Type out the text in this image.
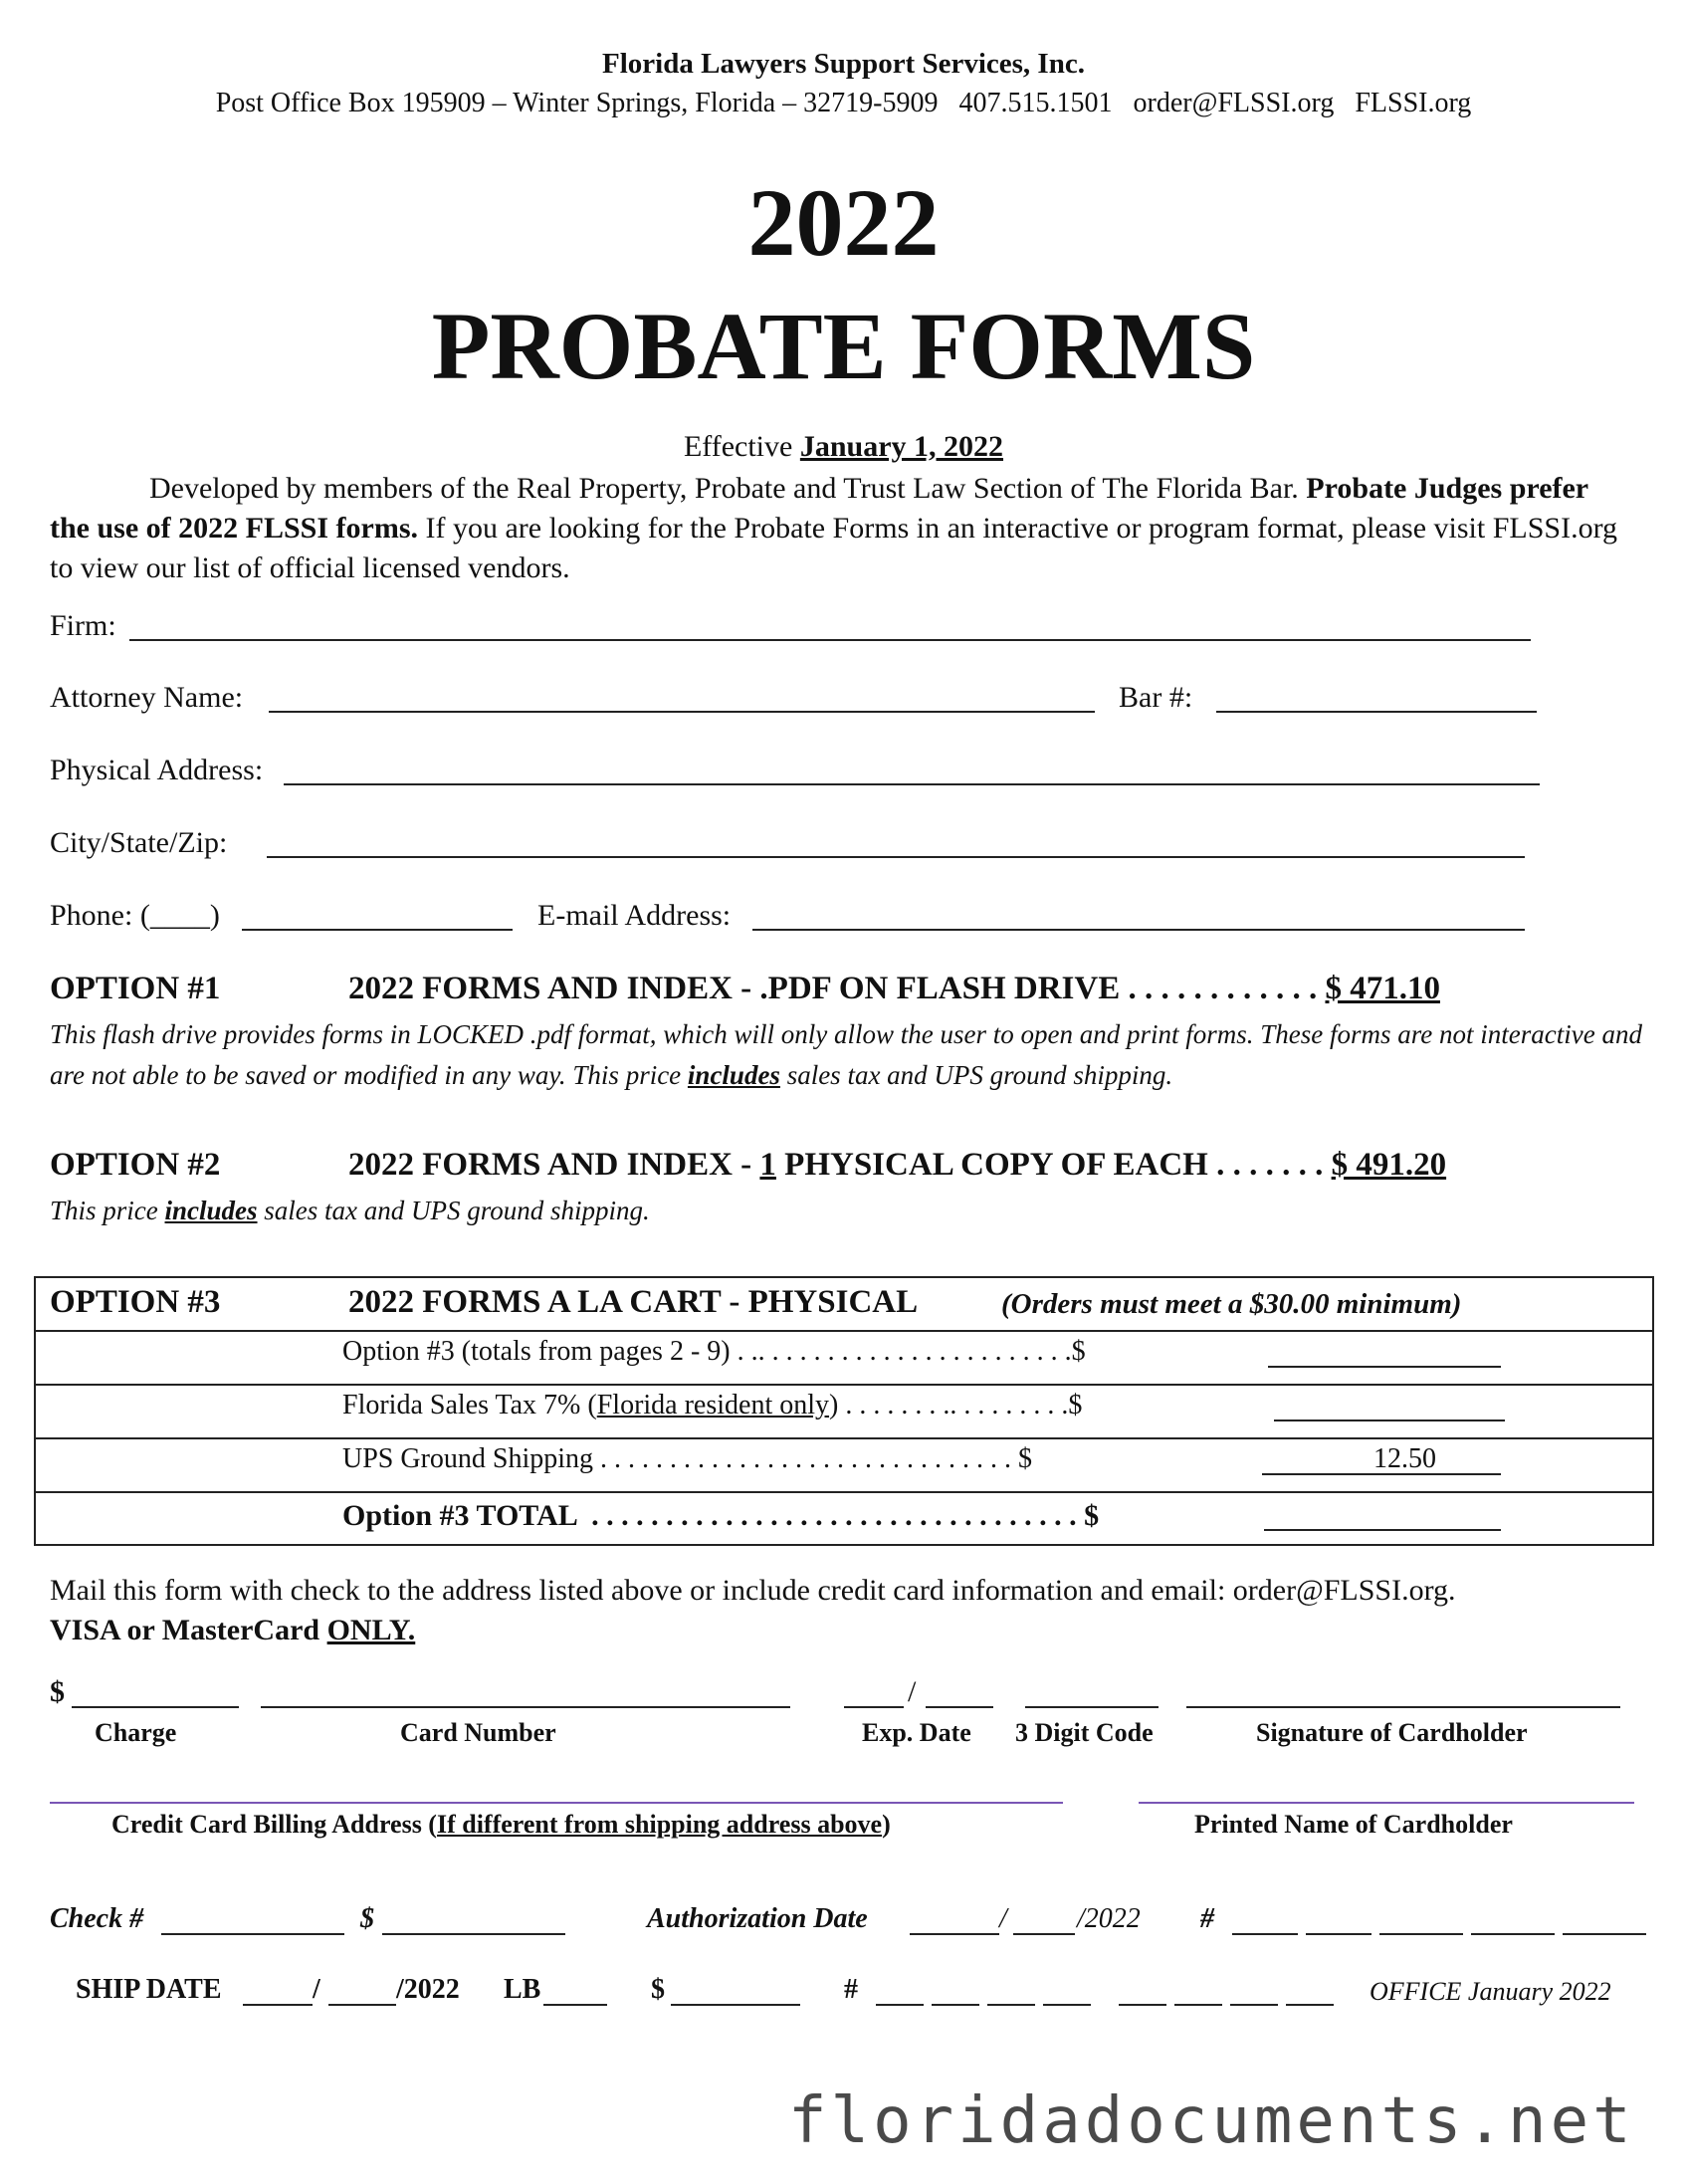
Florida Lawyers Support Services, Inc.
Post Office Box 195909 – Winter Springs, Florida – 32719-5909   407.515.1501   order@FLSSI.org   FLSSI.org
2022
PROBATE FORMS
Effective January 1, 2022
Developed by members of the Real Property, Probate and Trust Law Section of The Florida Bar. Probate Judges prefer the use of 2022 FLSSI forms. If you are looking for the Probate Forms in an interactive or program format, please visit FLSSI.org to view our list of official licensed vendors.
Firm:
Attorney Name:	Bar #:
Physical Address:
City/State/Zip:
Phone: (____)	E-mail Address:
OPTION #1	2022 FORMS AND INDEX - .PDF ON FLASH DRIVE . . . . . . . . . . . . $ 471.10
This flash drive provides forms in LOCKED .pdf format, which will only allow the user to open and print forms. These forms are not interactive and are not able to be saved or modified in any way. This price includes sales tax and UPS ground shipping.
OPTION #2	2022 FORMS AND INDEX - 1 PHYSICAL COPY OF EACH . . . . . . . $ 491.20
This price includes sales tax and UPS ground shipping.
OPTION #3	2022 FORMS A LA CART - PHYSICAL	(Orders must meet a $30.00 minimum)
Option #3 (totals from pages 2 - 9) . .. . . . . . . . . . . . . . . . . . . . . . .$
Florida Sales Tax 7% (Florida resident only) . . . . . . . .. . . . . . . . .$
UPS Ground Shipping . . . . . . . . . . . . . . . . . . . . . . . . . . . . . . $	12.50
Option #3 TOTAL  . . . . . . . . . . . . . . . . . . . . . . . . . . . . . . . . . $
Mail this form with check to the address listed above or include credit card information and email: order@FLSSI.org.
VISA or MasterCard ONLY.
$	/
Charge	Card Number	Exp. Date 3 Digit Code	Signature of Cardholder
Credit Card Billing Address (If different from shipping address above)	Printed Name of Cardholder
Check #	$	Authorization Date	/	/2022 #
SHIP DATE	/	/2022 LB	$	#	OFFICE January 2022
floridadocuments.net
